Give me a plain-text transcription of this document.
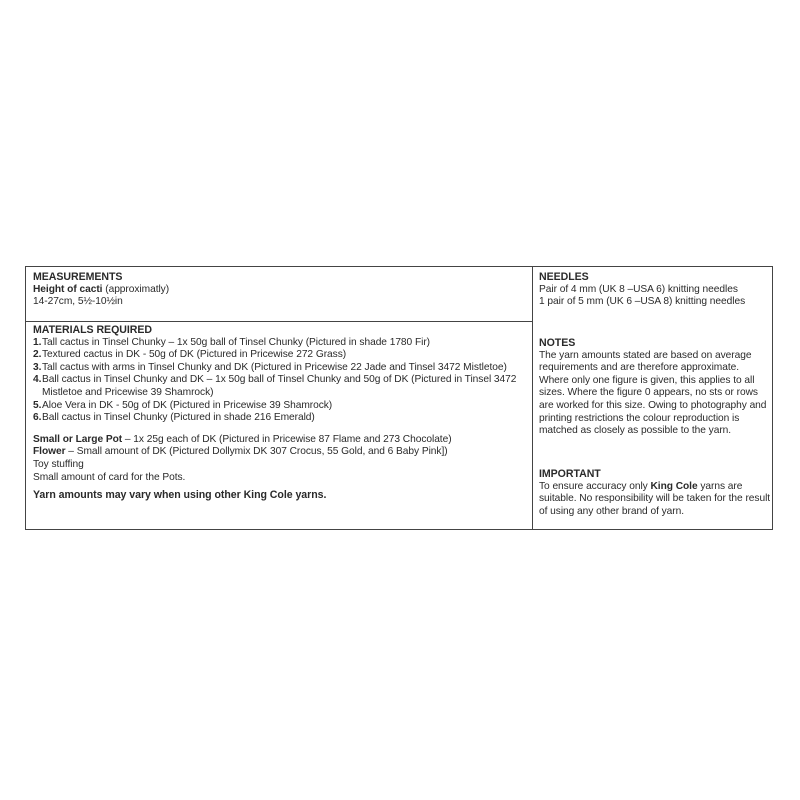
MEASUREMENTS

Height of cacti (approximatly)

14-27cm, 5½-10½in

MATERIALS REQUIRED

1. Tall cactus in Tinsel Chunky – 1x 50g ball of Tinsel Chunky (Pictured in shade 1780 Fir)
2. Textured cactus in DK - 50g of DK (Pictured in Pricewise 272 Grass)
3. Tall cactus with arms in Tinsel Chunky and DK (Pictured in Pricewise 22 Jade and Tinsel 3472 Mistletoe)
4. Ball cactus in Tinsel Chunky and DK – 1x 50g ball of Tinsel Chunky and 50g of DK (Pictured in Tinsel 3472 Mistletoe and Pricewise 39 Shamrock)
5. Aloe Vera in DK - 50g of DK (Pictured in Pricewise 39 Shamrock)
6. Ball cactus in Tinsel Chunky (Pictured in shade 216 Emerald)

Small or Large Pot – 1x 25g each of DK (Pictured in Pricewise 87 Flame and 273 Chocolate)

Flower – Small amount of DK (Pictured Dollymix DK 307 Crocus, 55 Gold, and 6 Baby Pink])

Toy stuffing

Small amount of card for the Pots.

Yarn amounts may vary when using other King Cole yarns.

NEEDLES

Pair of 4 mm (UK 8 –USA 6) knitting needles

1 pair of 5 mm (UK 6 –USA 8) knitting needles

NOTES

The yarn amounts stated are based on average requirements and are therefore approximate. Where only one figure is given, this applies to all sizes. Where the figure 0 appears, no sts or rows are worked for this size. Owing to photography and printing restrictions the colour reproduction is matched as closely as possible to the yarn.

IMPORTANT

To ensure accuracy only King Cole yarns are suitable. No responsibility will be taken for the result of using any other brand of yarn.
